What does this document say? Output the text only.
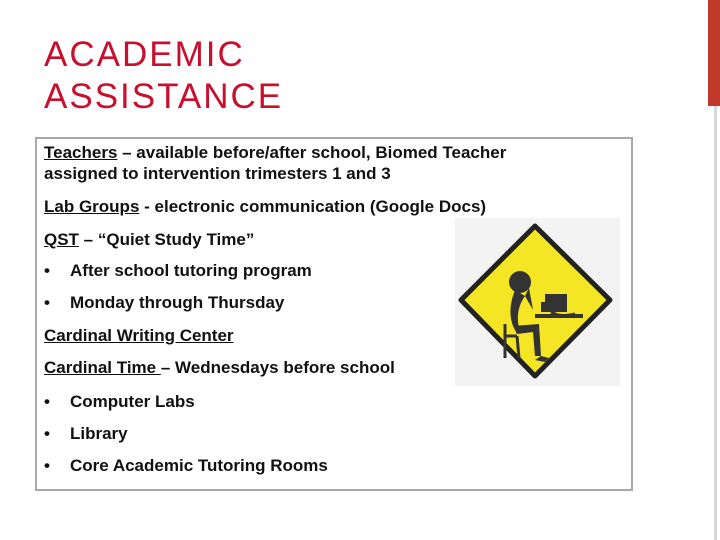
ACADEMIC
ASSISTANCE
Teachers – available before/after school, Biomed Teacher
assigned to intervention trimesters 1 and 3
Lab Groups - electronic communication (Google Docs)
QST – “Quiet Study Time”
• After school tutoring program
• Monday through Thursday
Cardinal Writing Center
Cardinal Time – Wednesdays before school
• Computer Labs
• Library
• Core Academic Tutoring Rooms
